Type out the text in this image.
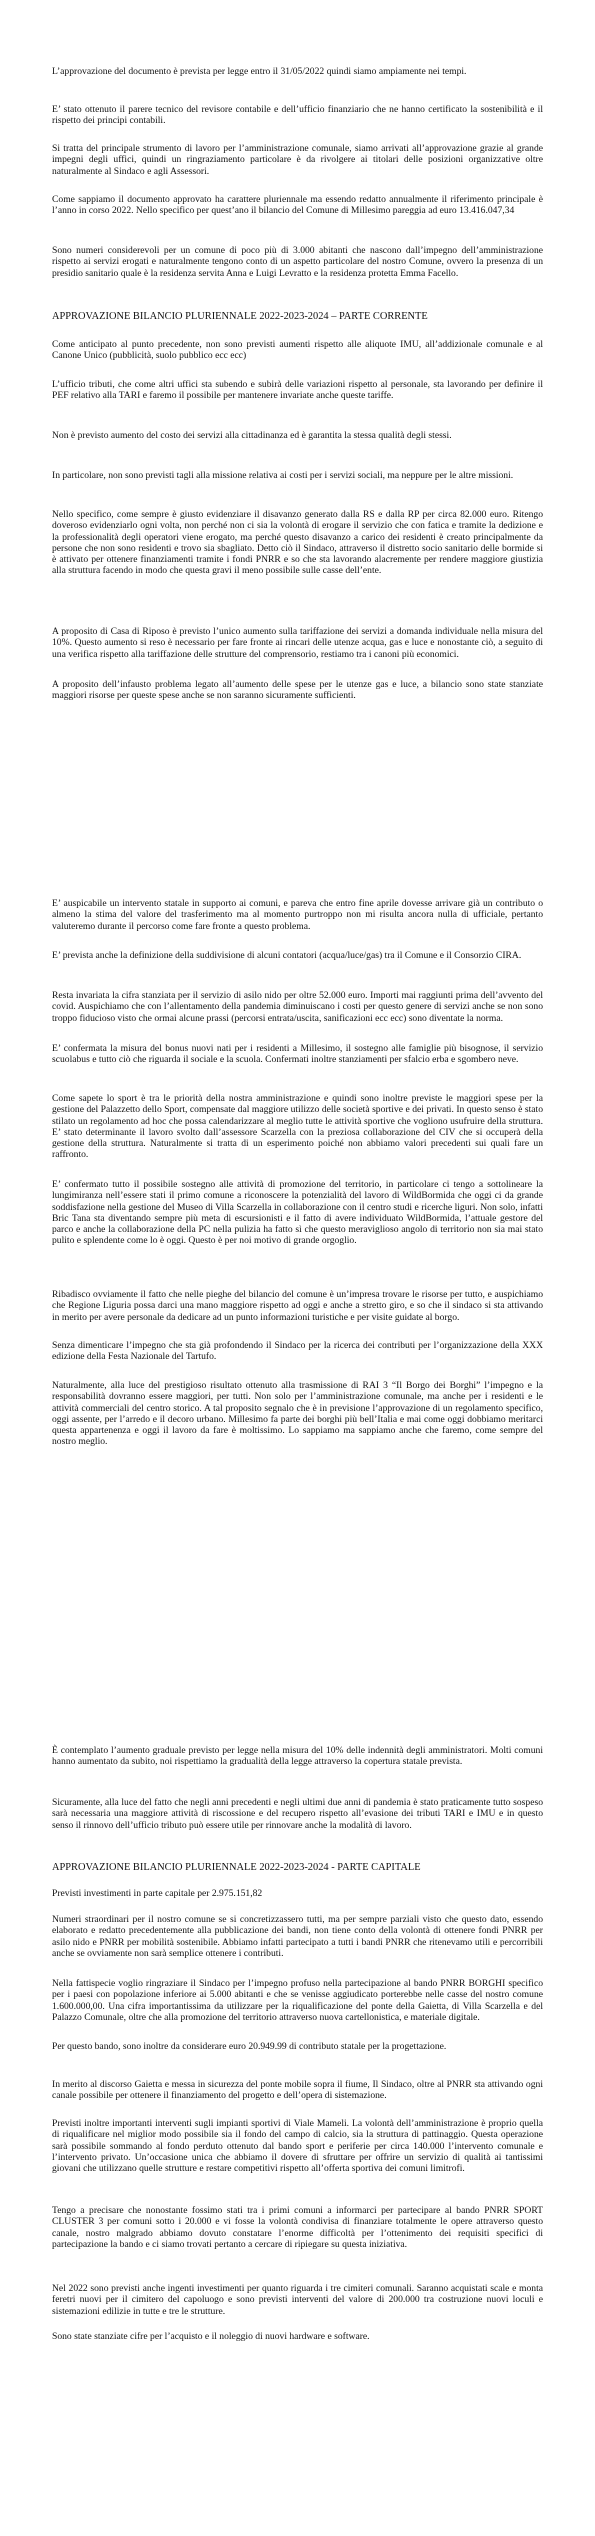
L’approvazione del documento è prevista per legge entro il 31/05/2022 quindi siamo ampiamente nei tempi.

E’ stato ottenuto il parere tecnico del revisore contabile e dell’ufficio finanziario che ne hanno certificato la sostenibilità e il rispetto dei principi contabili.

Si tratta del principale strumento di lavoro per l’amministrazione comunale, siamo arrivati all’approvazione grazie al grande impegni degli uffici, quindi un ringraziamento particolare è da rivolgere ai titolari delle posizioni organizzative oltre naturalmente al Sindaco e agli Assessori.

Come sappiamo il documento approvato ha carattere pluriennale ma essendo redatto annualmente il riferimento principale è l’anno in corso 2022. Nello specifico per quest’ano il bilancio del Comune di Millesimo pareggia ad euro 13.416.047,34

Sono numeri considerevoli per un comune di poco più di 3.000 abitanti che nascono dall’impegno dell’amministrazione rispetto ai servizi erogati e naturalmente tengono conto di un aspetto particolare del nostro Comune, ovvero la presenza di un presidio sanitario quale è la residenza servita Anna e Luigi Levratto e la residenza protetta Emma Facello.

APPROVAZIONE BILANCIO PLURIENNALE 2022-2023-2024 – PARTE CORRENTE

Come anticipato al punto precedente, non sono previsti aumenti rispetto alle aliquote IMU, all’addizionale comunale e al Canone Unico (pubblicità, suolo pubblico ecc ecc)

L’ufficio tributi, che come altri uffici sta subendo e subirà delle variazioni rispetto al personale, sta lavorando per definire il PEF relativo alla TARI e faremo il possibile per mantenere invariate anche queste tariffe.

Non è previsto aumento del costo dei servizi alla cittadinanza ed è garantita la stessa qualità degli stessi.

In particolare, non sono previsti tagli alla missione relativa ai costi per i servizi sociali, ma neppure per le altre missioni.

Nello specifico, come sempre è giusto evidenziare il disavanzo generato dalla RS e dalla RP per circa 82.000 euro. Ritengo doveroso evidenziarlo ogni volta, non perché non ci sia la volontà di erogare il servizio che con fatica e tramite la dedizione e la professionalità degli operatori viene erogato, ma perché questo disavanzo a carico dei residenti è creato principalmente da persone che non sono residenti e trovo sia sbagliato. Detto ciò il Sindaco, attraverso il distretto socio sanitario delle bormide si è attivato per ottenere finanziamenti tramite i fondi PNRR e so che sta lavorando alacremente per rendere maggiore giustizia alla struttura facendo in modo che questa gravi il meno possibile sulle casse dell’ente.

A proposito di Casa di Riposo è previsto l’unico aumento sulla tariffazione dei servizi a domanda individuale nella misura del 10%. Questo aumento si reso è necessario per fare fronte ai rincari delle utenze acqua, gas e luce e nonostante ciò, a seguito di una verifica rispetto alla tariffazione delle strutture del comprensorio, restiamo tra i canoni più economici.

A proposito dell’infausto problema legato all’aumento delle spese per le utenze gas e luce, a bilancio sono state stanziate maggiori risorse per queste spese anche se non saranno sicuramente sufficienti.

E’ auspicabile un intervento statale in supporto ai comuni, e pareva che entro fine aprile dovesse arrivare già un contributo o almeno la stima del valore del trasferimento ma al momento purtroppo non mi risulta ancora nulla di ufficiale, pertanto valuteremo durante il percorso come fare fronte a questo problema.

E’ prevista anche la definizione della suddivisione di alcuni contatori (acqua/luce/gas) tra il Comune e il Consorzio CIRA.

Resta invariata la cifra stanziata per il servizio di asilo nido per oltre 52.000 euro. Importi mai raggiunti prima dell’avvento del covid. Auspichiamo che con l’allentamento della pandemia diminuiscano i costi per questo genere di servizi anche se non sono troppo fiducioso visto che ormai alcune prassi (percorsi entrata/uscita, sanificazioni ecc ecc) sono diventate la norma.

E’ confermata la misura del bonus nuovi nati per i residenti a Millesimo, il sostegno alle famiglie più bisognose, il servizio scuolabus e tutto ciò che riguarda il sociale e la scuola. Confermati inoltre stanziamenti per sfalcio erba e sgombero neve.

Come sapete lo sport è tra le priorità della nostra amministrazione e quindi sono inoltre previste le maggiori spese per la gestione del Palazzetto dello Sport, compensate dal maggiore utilizzo delle società sportive e dei privati. In questo senso è stato stilato un regolamento ad hoc che possa calendarizzare al meglio tutte le attività sportive che vogliono usufruire della struttura. E’ stato determinante il lavoro svolto dall’assessore Scarzella con la preziosa collaborazione del CIV che si occuperà della gestione della struttura. Naturalmente si tratta di un esperimento poiché non abbiamo valori precedenti sui quali fare un raffronto.

E’ confermato tutto il possibile sostegno alle attività di promozione del territorio, in particolare ci tengo a sottolineare la lungimiranza nell’essere stati il primo comune a riconoscere la potenzialità del lavoro di WildBormida che oggi ci da grande soddisfazione nella gestione del Museo di Villa Scarzella in collaborazione con il centro studi e ricerche liguri. Non solo, infatti Bric Tana sta diventando sempre più meta di escursionisti e il fatto di avere individuato WildBormida, l’attuale gestore del parco e anche la collaborazione della PC nella pulizia ha fatto sì che questo meraviglioso angolo di territorio non sia mai stato pulito e splendente come lo è oggi. Questo è per noi motivo di grande orgoglio.

Ribadisco ovviamente il fatto che nelle pieghe del bilancio del comune è un’impresa trovare le risorse per tutto, e auspichiamo che Regione Liguria possa darci una mano maggiore rispetto ad oggi e anche a stretto giro, e so che il sindaco si sta attivando in merito per avere personale da dedicare ad un punto informazioni turistiche e per visite guidate al borgo.

Senza dimenticare l’impegno che sta già profondendo il Sindaco per la ricerca dei contributi per l’organizzazione della XXX edizione della Festa Nazionale del Tartufo.

Naturalmente, alla luce del prestigioso risultato ottenuto alla trasmissione di RAI 3 “Il Borgo dei Borghi” l’impegno e la responsabilità dovranno essere maggiori, per tutti. Non solo per l’amministrazione comunale, ma anche per i residenti e le attività commerciali del centro storico. A tal proposito segnalo che è in previsione l’approvazione di un regolamento specifico, oggi assente, per l’arredo e il decoro urbano. Millesimo fa parte dei borghi più bell’Italia e mai come oggi dobbiamo meritarci questa appartenenza e oggi il lavoro da fare è moltissimo. Lo sappiamo ma sappiamo anche che faremo, come sempre del nostro meglio.

È contemplato l’aumento graduale previsto per legge nella misura del 10% delle indennità degli amministratori. Molti comuni hanno aumentato da subito, noi rispettiamo la gradualità della legge attraverso la copertura statale prevista.

Sicuramente, alla luce del fatto che negli anni precedenti e negli ultimi due anni di pandemia è stato praticamente tutto sospeso sarà necessaria una maggiore attività di riscossione e del recupero rispetto all’evasione dei tributi TARI e IMU e in questo senso il rinnovo dell’ufficio tributo può essere utile per rinnovare anche la modalità di lavoro.

APPROVAZIONE BILANCIO PLURIENNALE 2022-2023-2024 - PARTE CAPITALE

Previsti investimenti in parte capitale per 2.975.151,82

Numeri straordinari per il nostro comune se si concretizzassero tutti, ma per sempre parziali visto che questo dato, essendo elaborato e redatto precedentemente alla pubblicazione dei bandi, non tiene conto della volontà di ottenere fondi PNRR per asilo nido e PNRR per mobilità sostenibile. Abbiamo infatti partecipato a tutti i bandi PNRR che ritenevamo utili e percorribili anche se ovviamente non sarà semplice ottenere i contributi.

Nella fattispecie voglio ringraziare il Sindaco per l’impegno profuso nella partecipazione al bando PNRR BORGHI specifico per i paesi con popolazione inferiore ai 5.000 abitanti e che se venisse aggiudicato porterebbe nelle casse del nostro comune 1.600.000,00. Una cifra importantissima da utilizzare per la riqualificazione del ponte della Gaietta, di Villa Scarzella e del Palazzo Comunale, oltre che alla promozione del territorio attraverso nuova cartellonistica, e materiale digitale.

Per questo bando, sono inoltre da considerare euro 20.949.99 di contributo statale per la progettazione.

In merito al discorso Gaietta e messa in sicurezza del ponte mobile sopra il fiume, Il Sindaco, oltre al PNRR sta attivando ogni canale possibile per ottenere il finanziamento del progetto e dell’opera di sistemazione.

Previsti inoltre importanti interventi sugli impianti sportivi di Viale Mameli. La volontà dell’amministrazione è proprio quella di riqualificare nel miglior modo possibile sia il fondo del campo di calcio, sia la struttura di pattinaggio. Questa operazione sarà possibile sommando al fondo perduto ottenuto dal bando sport e periferie per circa 140.000 l’intervento comunale e l’intervento privato. Un’occasione unica che abbiamo il dovere di sfruttare per offrire un servizio di qualità ai tantissimi giovani che utilizzano quelle strutture e restare competitivi rispetto all’offerta sportiva dei comuni limitrofi.

Tengo a precisare che nonostante fossimo stati tra i primi comuni a informarci per partecipare al bando PNRR SPORT CLUSTER 3 per comuni sotto i 20.000 e vi fosse la volontà condivisa di finanziare totalmente le opere attraverso questo canale, nostro malgrado abbiamo dovuto constatare l’enorme difficoltà per l’ottenimento dei requisiti specifici di partecipazione la bando e ci siamo trovati pertanto a cercare di ripiegare su questa iniziativa.

Nel 2022 sono previsti anche ingenti investimenti per quanto riguarda i tre cimiteri comunali. Saranno acquistati scale e monta feretri nuovi per il cimitero del capoluogo e sono previsti interventi del valore di 200.000 tra costruzione nuovi loculi e sistemazioni edilizie in tutte e tre le strutture.

Sono state stanziate cifre per l’acquisto e il noleggio di nuovi hardware e software.
